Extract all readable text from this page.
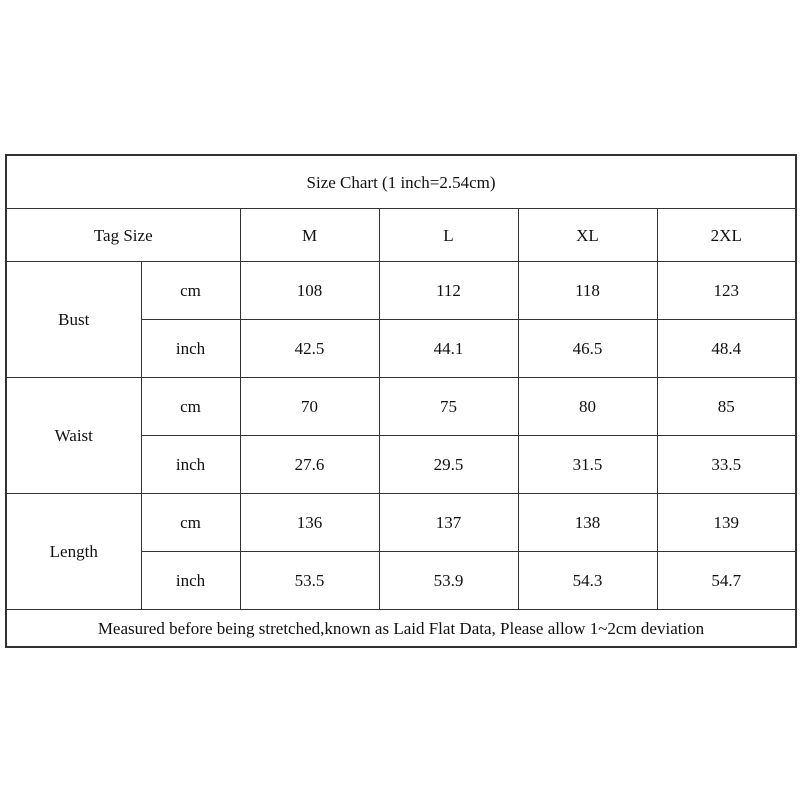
Size Chart (1 inch=2.54cm)					
Tag Size		M	L	XL	2XL
Bust	cm	108	112	118	123
	inch	42.5	44.1	46.5	48.4
Waist	cm	70	75	80	85
	inch	27.6	29.5	31.5	33.5
Length	cm	136	137	138	139
	inch	53.5	53.9	54.3	54.7
Measured before being stretched,known as Laid Flat Data, Please allow 1~2cm deviation					
